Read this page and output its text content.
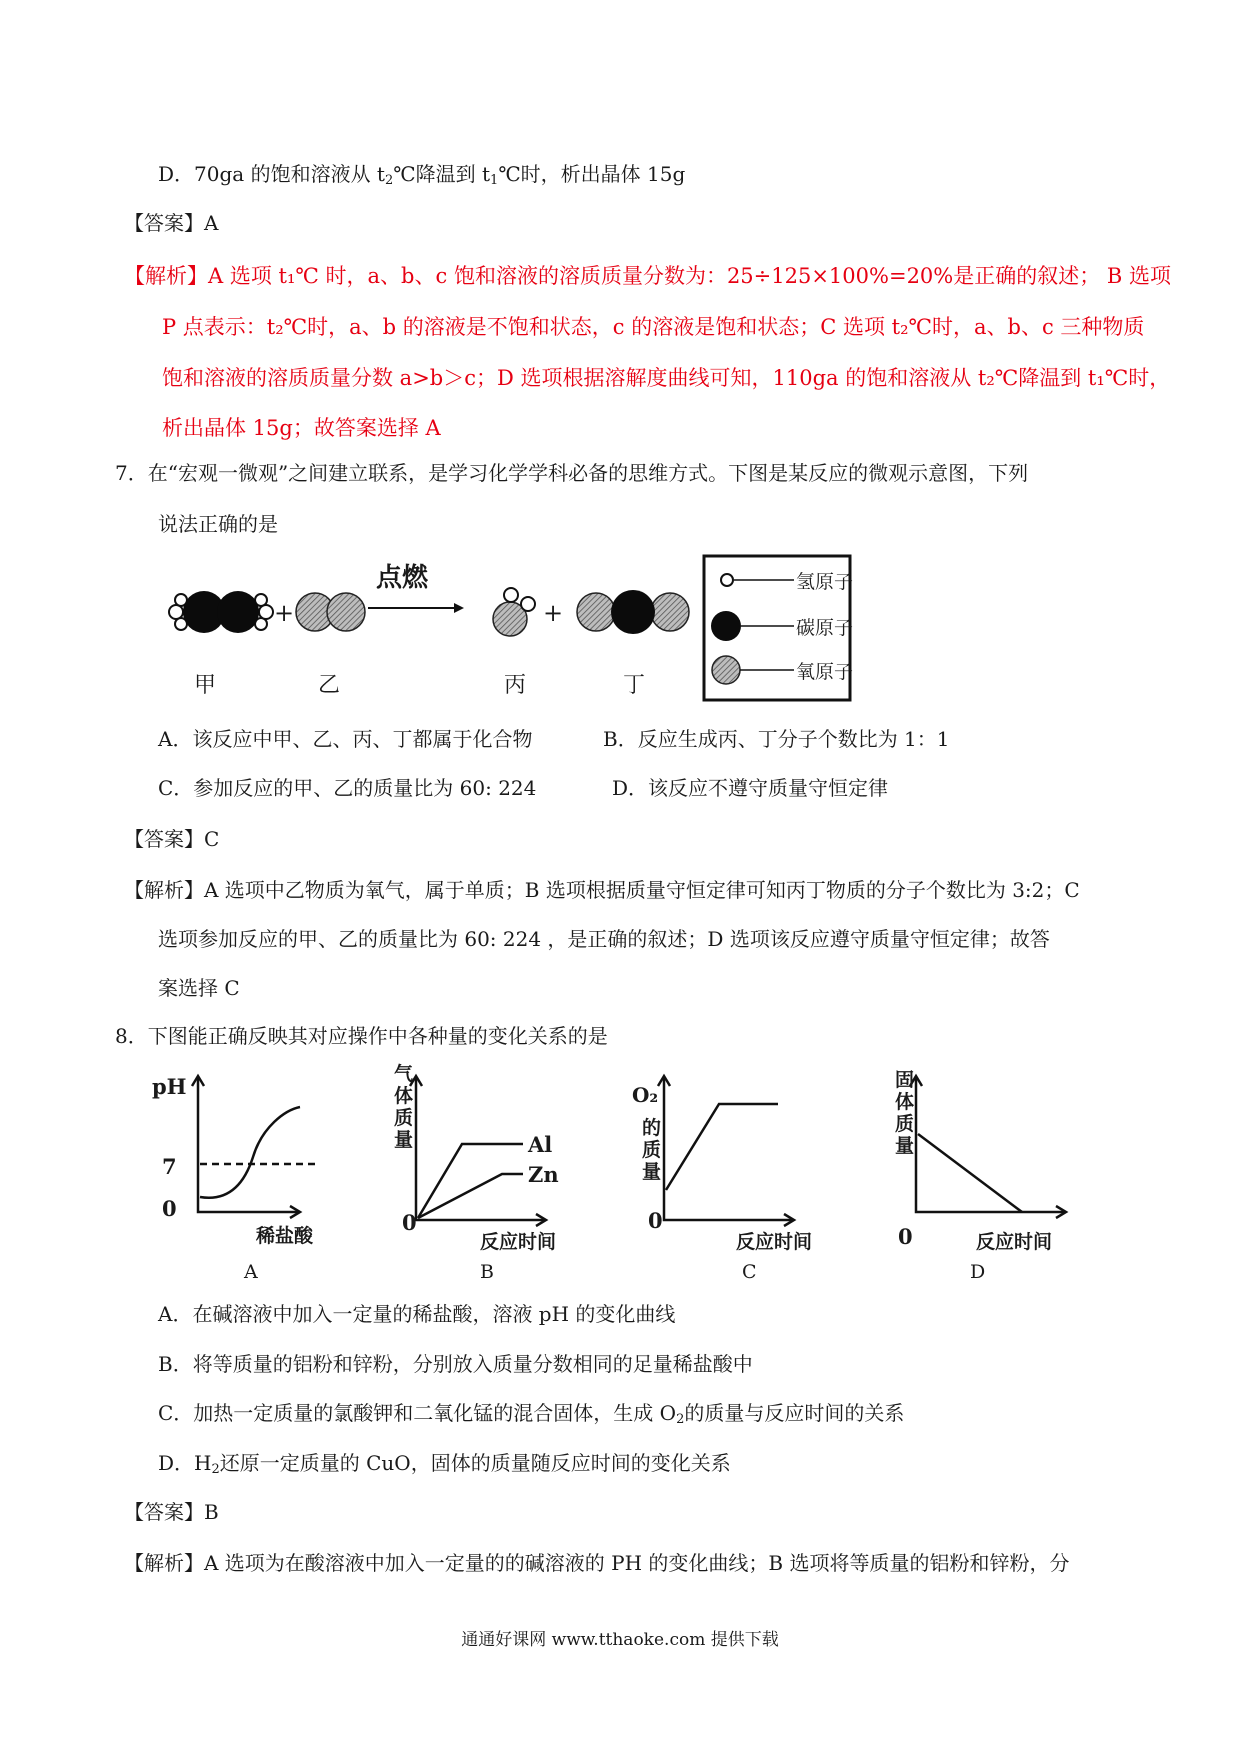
D．70ga 的饱和溶液从 $t_2℃$降温到 $t_1℃$时，析出晶体 15g
【答案】A
【解析】A 选项 t₁℃ 时，a、b、c 饱和溶液的溶质质量分数为：25÷125×100%=20%是正确的叙述； B 选项
P 点表示：t₂℃时，a、b 的溶液是不饱和状态，c 的溶液是饱和状态；C 选项 t₂℃时，a、b、c 三种物质
饱和溶液的溶质质量分数 a>b＞c；D 选项根据溶解度曲线可知，110ga 的饱和溶液从 t₂℃降温到 t₁℃时，
析出晶体 15g；故答案选择 A
7．在“宏观一微观”之间建立联系，是学习化学学科必备的思维方式。下图是某反应的微观示意图，下列
说法正确的是
+
点燃
+
甲	乙	丙	丁
氢原子
碳原子
氧原子
A．该反应中甲、乙、丙、丁都属于化合物	B．反应生成丙、丁分子个数比为 1：1
C．参加反应的甲、乙的质量比为 60: 224	D．该反应不遵守质量守恒定律
【答案】C
【解析】A 选项中乙物质为氧气，属于单质；B 选项根据质量守恒定律可知丙丁物质的分子个数比为 3:2；C
选项参加反应的甲、乙的质量比为 60: 224 ，是正确的叙述；D 选项该反应遵守质量守恒定律；故答
案选择 C
8．下图能正确反映其对应操作中各种量的变化关系的是
pH
7
0
稀盐酸
A
气 体 质 量	Al
Zn
0
反应时间
B
O₂
的 质 量
0
反应时间
C
固 体 质 量
0	反应时间
D
A．在碱溶液中加入一定量的稀盐酸，溶液 pH 的变化曲线
B．将等质量的铝粉和锌粉，分别放入质量分数相同的足量稀盐酸中
C．加热一定质量的氯酸钾和二氧化锰的混合固体，生成 $O_2$的质量与反应时间的关系
D．$H_2$还原一定质量的 CuO，固体的质量随反应时间的变化关系
【答案】B
【解析】A 选项为在酸溶液中加入一定量的的碱溶液的 PH 的变化曲线；B 选项将等质量的铝粉和锌粉，分
通通好课网 www.tthaoke.com 提供下载
